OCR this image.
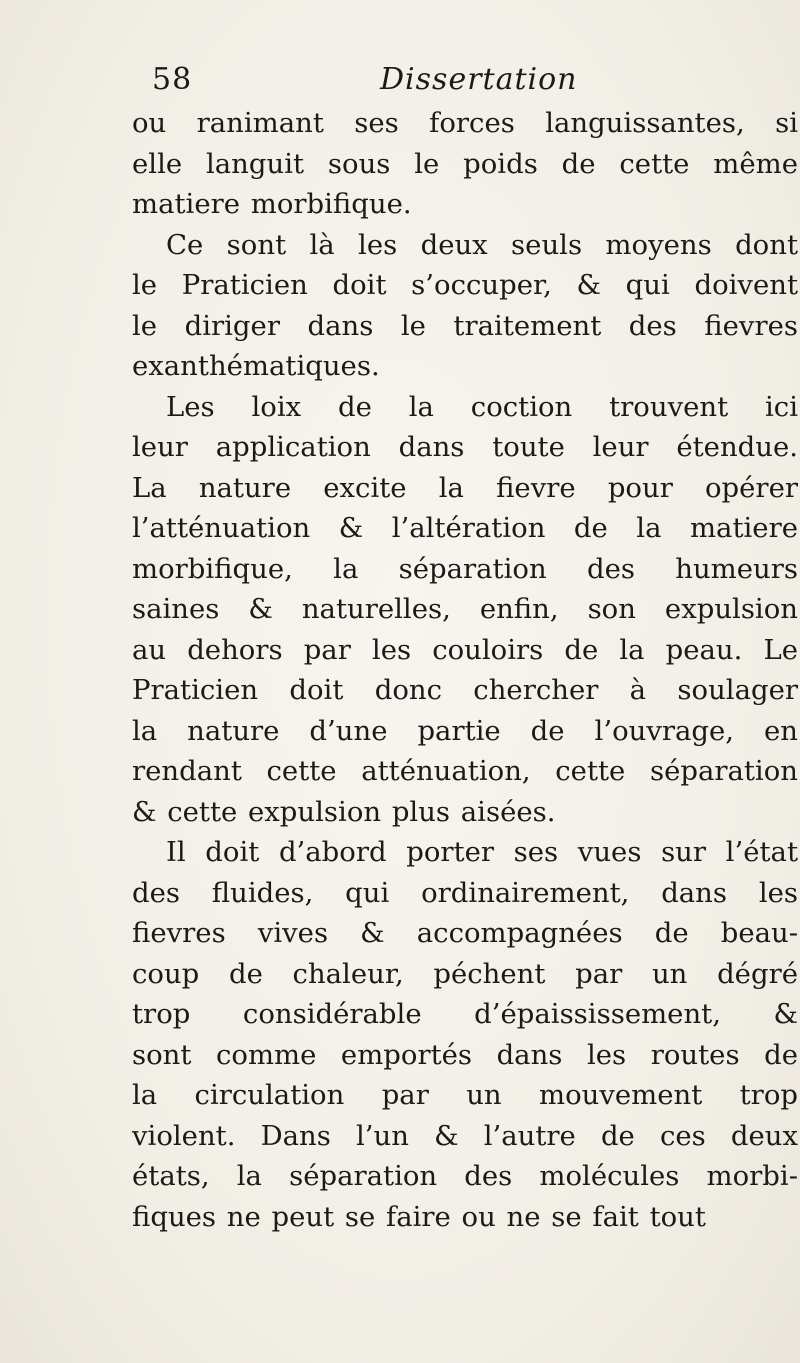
58	Dissertation
ou ranimant ses forces languissantes, si
elle languit sous le poids de cette même
matiere morbifique.
Ce sont là les deux seuls moyens dont
le Praticien doit s’occuper, & qui doivent
le diriger dans le traitement des fievres
exanthématiques.
Les loix de la coction trouvent ici
leur application dans toute leur étendue.
La nature excite la fievre pour opérer
l’atténuation & l’altération de la matiere
morbifique, la séparation des humeurs
saines & naturelles, enfin, son expulsion
au dehors par les couloirs de la peau. Le
Praticien doit donc chercher à soulager
la nature d’une partie de l’ouvrage, en
rendant cette atténuation, cette séparation
& cette expulsion plus aisées.
Il doit d’abord porter ses vues sur l’état
des fluides, qui ordinairement, dans les
fievres vives & accompagnées de beau-
coup de chaleur, péchent par un dégré
trop considérable d’épaississement, &
sont comme emportés dans les routes de
la circulation par un mouvement trop
violent. Dans l’un & l’autre de ces deux
états, la séparation des molécules morbi-
fiques ne peut se faire ou ne se fait tout
